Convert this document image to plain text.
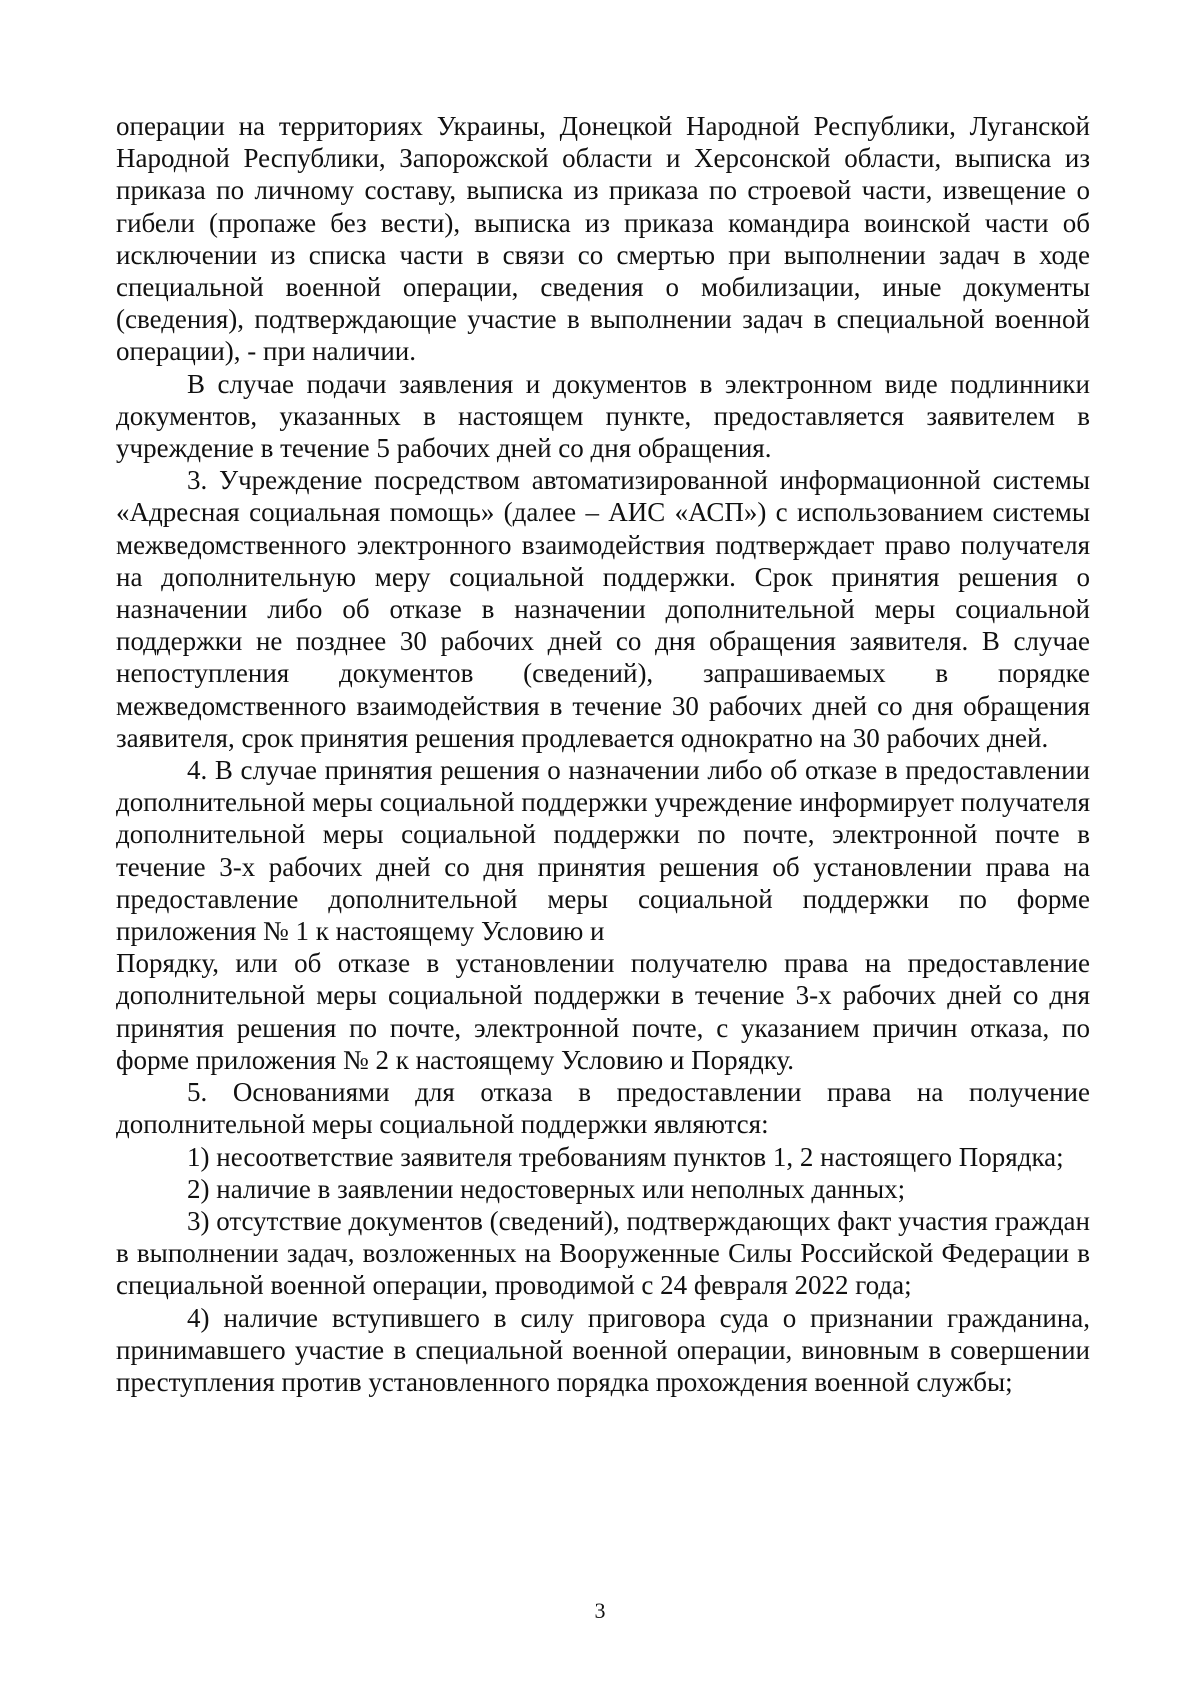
операции на территориях Украины, Донецкой Народной Республики, Луганской Народной Республики, Запорожской области и Херсонской области, выписка из приказа по личному составу, выписка из приказа по строевой части, извещение о гибели (пропаже без вести), выписка из приказа командира воинской части об исключении из списка части в связи со смертью при выполнении задач в ходе специальной военной операции, сведения о мобилизации, иные документы (сведения), подтверждающие участие в выполнении задач в специальной военной операции), - при наличии.

В случае подачи заявления и документов в электронном виде подлинники документов, указанных в настоящем пункте, предоставляется заявителем в учреждение в течение 5 рабочих дней со дня обращения.

3. Учреждение посредством автоматизированной информационной системы «Адресная социальная помощь» (далее – АИС «АСП») с использованием системы межведомственного электронного взаимодействия подтверждает право получателя на дополнительную меру социальной поддержки. Срок принятия решения о назначении либо об отказе в назначении дополнительной меры социальной поддержки не позднее 30 рабочих дней со дня обращения заявителя. В случае непоступления документов (сведений), запрашиваемых в порядке межведомственного взаимодействия в течение 30 рабочих дней со дня обращения заявителя, срок принятия решения продлевается однократно на 30 рабочих дней.

4. В случае принятия решения о назначении либо об отказе в предоставлении дополнительной меры социальной поддержки учреждение информирует получателя дополнительной меры социальной поддержки по почте, электронной почте в течение 3-х рабочих дней со дня принятия решения об установлении права на предоставление дополнительной меры социальной поддержки по форме приложения № 1 к настоящему Условию и

Порядку, или об отказе в установлении получателю права на предоставление дополнительной меры социальной поддержки в течение 3-х рабочих дней со дня принятия решения по почте, электронной почте, с указанием причин отказа, по форме приложения № 2 к настоящему Условию и Порядку.

5. Основаниями для отказа в предоставлении права на получение дополнительной меры социальной поддержки являются:

1) несоответствие заявителя требованиям пунктов 1, 2 настоящего Порядка;

2) наличие в заявлении недостоверных или неполных данных;

3) отсутствие документов (сведений), подтверждающих факт участия граждан в выполнении задач, возложенных на Вооруженные Силы Российской Федерации в специальной военной операции, проводимой с 24 февраля 2022 года;

4) наличие вступившего в силу приговора суда о признании гражданина, принимавшего участие в специальной военной операции, виновным в совершении преступления против установленного порядка прохождения военной службы;

3
